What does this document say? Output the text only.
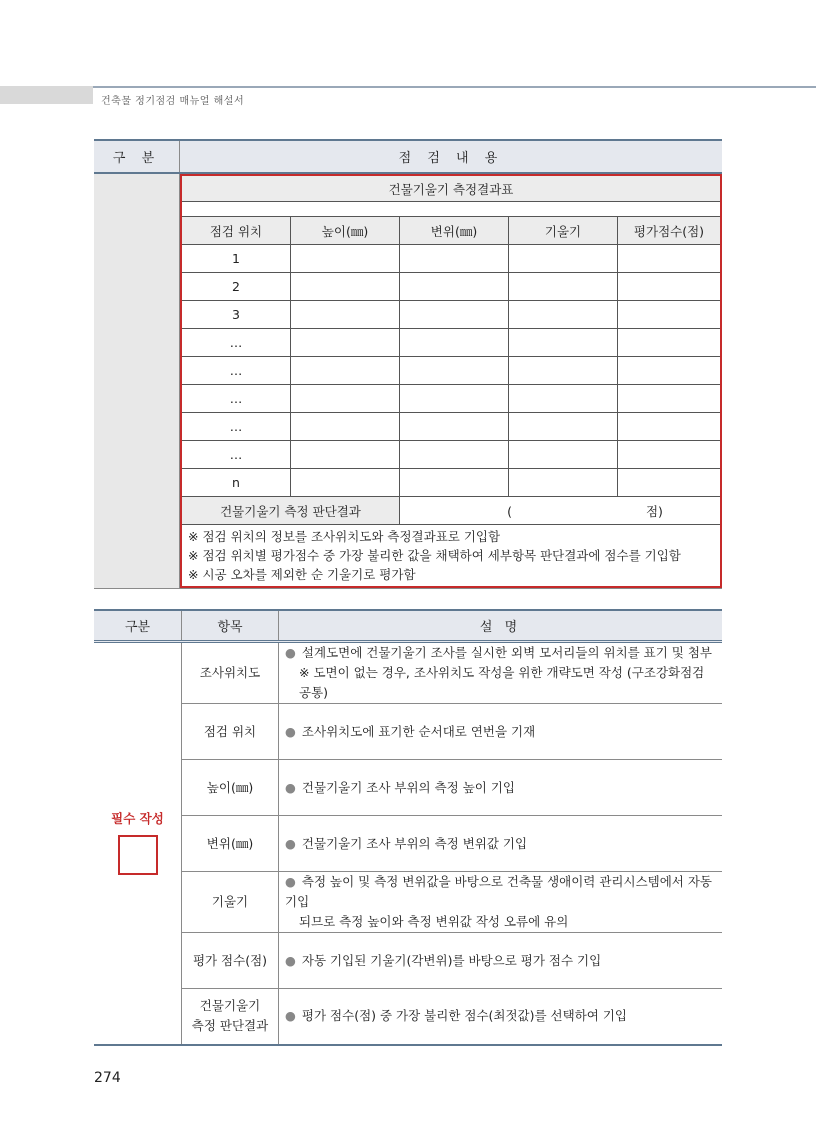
건축물 정기점검 매뉴얼 해설서
구 분	점 검 내 용

건물기울기 측정결과표

점검 위치	높이(㎜)	변위(㎜)	기울기	평가점수(점)
1				
2				
3				
…				
…				
…				
…				
…				
n				
건물기울기 측정 판단결과	(	점)

※ 점검 위치의 정보를 조사위치도와 측정결과표로 기입함
※ 점검 위치별 평가점수 중 가장 불리한 값을 채택하여 세부항목 판단결과에 점수를 기입함
※ 시공 오차를 제외한 순 기울기로 평가함
구분	항목	설 명

필수 작성	조사위치도	● 설계도면에 건물기울기 조사를 실시한 외벽 모서리들의 위치를 표기 및 첨부
※ 도면이 없는 경우, 조사위치도 작성을 위한 개략도면 작성 (구조강화점검 공통)

	점검 위치	● 조사위치도에 표기한 순서대로 연번을 기재
	높이(㎜)	● 건물기울기 조사 부위의 측정 높이 기입
	변위(㎜)	● 건물기울기 조사 부위의 측정 변위값 기입
	기울기	● 측정 높이 및 측정 변위값을 바탕으로 건축물 생애이력 관리시스템에서 자동 기입
되므로 측정 높이와 측정 변위값 작성 오류에 유의

	평가 점수(점)	● 자동 기입된 기울기(각변위)를 바탕으로 평가 점수 기입

	건물기울기
측정 판단결과	● 평가 점수(점) 중 가장 불리한 점수(최젓값)를 선택하여 기입
274
